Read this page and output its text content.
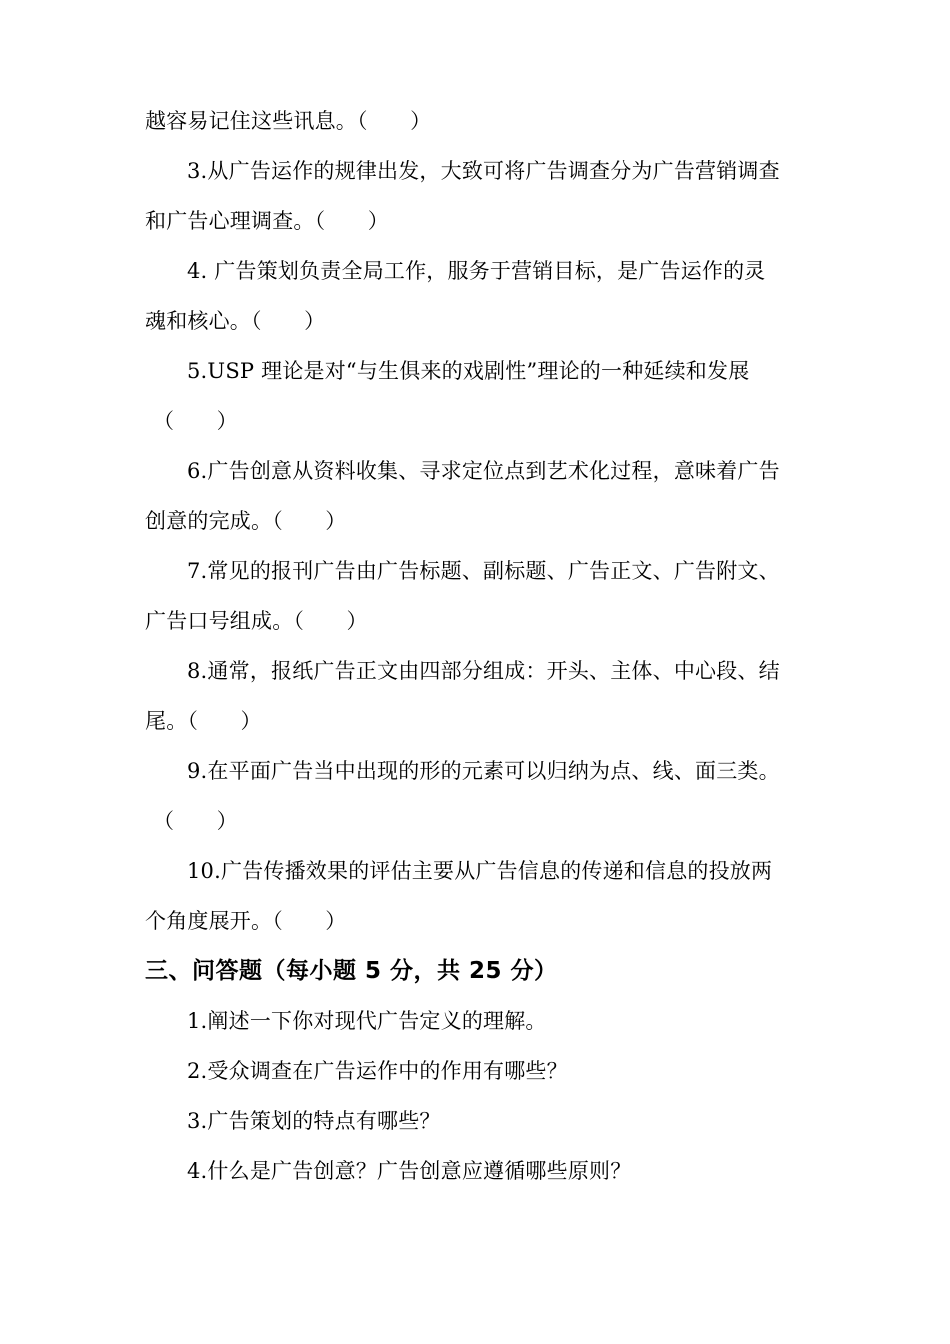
越容易记住这些讯息。（　　）
3.从广告运作的规律出发，大致可将广告调查分为广告营销调查
和广告心理调查。（　　）
4. 广告策划负责全局工作，服务于营销目标，是广告运作的灵
魂和核心。（　　）
5.USP 理论是对“与生俱来的戏剧性”理论的一种延续和发展
（　　）
6.广告创意从资料收集、寻求定位点到艺术化过程，意味着广告
创意的完成。（　　）
7.常见的报刊广告由广告标题、副标题、广告正文、广告附文、
广告口号组成。（　　）
8.通常，报纸广告正文由四部分组成：开头、主体、中心段、结
尾。（　　）
9.在平面广告当中出现的形的元素可以归纳为点、线、面三类。
（　　）
10.广告传播效果的评估主要从广告信息的传递和信息的投放两
个角度展开。（　　）
三、问答题（每小题 5 分，共 25 分）
1.阐述一下你对现代广告定义的理解。
2.受众调查在广告运作中的作用有哪些？
3.广告策划的特点有哪些？
4.什么是广告创意？广告创意应遵循哪些原则？
